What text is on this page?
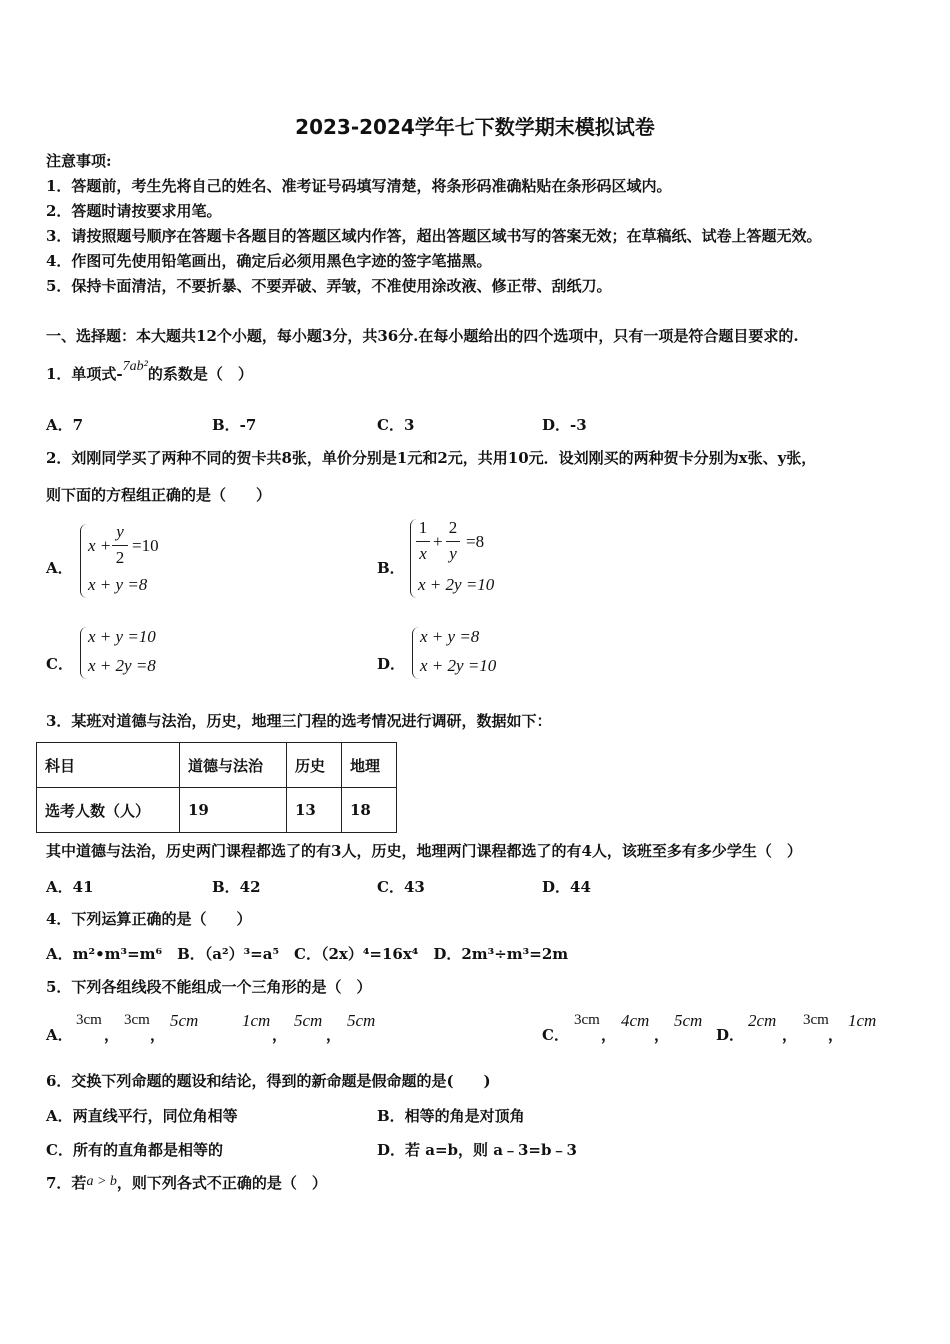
2023-2024学年七下数学期末模拟试卷
注意事项:
1．答题前，考生先将自己的姓名、准考证号码填写清楚，将条形码准确粘贴在条形码区域内。
2．答题时请按要求用笔。
3．请按照题号顺序在答题卡各题目的答题区域内作答，超出答题区域书写的答案无效；在草稿纸、试卷上答题无效。
4．作图可先使用铅笔画出，确定后必须用黑色字迹的签字笔描黑。
5．保持卡面清洁，不要折暴、不要弄破、弄皱，不准使用涂改液、修正带、刮纸刀。
一、选择题：本大题共12个小题，每小题3分，共36分.在每小题给出的四个选项中，只有一项是符合题目要求的.
1．单项式-7ab²的系数是（　）
A．7	B．-7	C．3	D．-3
2．刘刚同学买了两种不同的贺卡共8张，单价分别是1元和2元，共用10元．设刘刚买的两种贺卡分别为x张、y张，
则下面的方程组正确的是（　　）
A．
x +
y
2
=10
x + y =8
B．
1
x
+
2
y
=8
x + 2y =10
C．
x + y =10
x + 2y =8	D．
x + y =8
x + 2y =10
3．某班对道德与法治，历史，地理三门程的选考情况进行调研，数据如下：
科目	道德与法治	历史	地理
选考人数（人）	19	13	18
其中道德与法治，历史两门课程都选了的有3人，历史，地理两门课程都选了的有4人，该班至多有多少学生（　）
A．41	B．42	C．43	D．44
4．下列运算正确的是（　　）
A．m²•m³=m⁶　B．（a²）³=a⁵　C．（2x）⁴=16x⁴　D．2m³÷m³=2m
5．下列各组线段不能组成一个三角形的是（　）
A．
3cm
，
3cm
，
5cm	1cm
，
5cm
，
5cm
C．
3cm
，
4cm
，
5cm
D．
2cm
，
3cm
，
1cm
6．交换下列命题的题设和结论，得到的新命题是假命题的是(　　)
A．两直线平行，同位角相等	B．相等的角是对顶角
C．所有的直角都是相等的	D．若 a=b，则 a﹣3=b﹣3
7．若a > b，则下列各式不正确的是（　）
